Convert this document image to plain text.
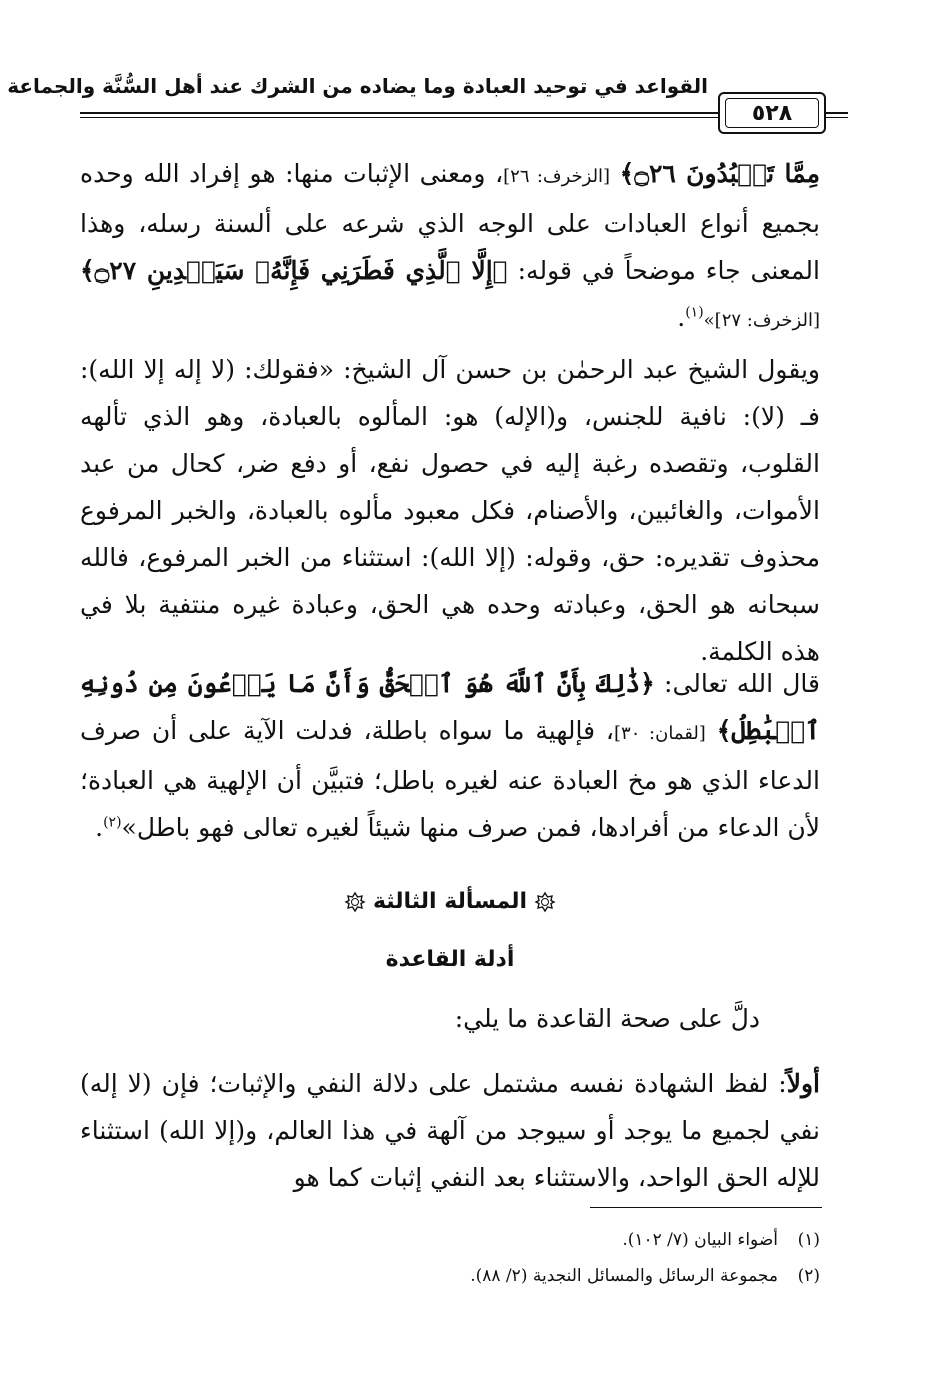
القواعد في توحيد العبادة وما يضاده من الشرك عند أهل السُّنَّة والجماعة
٥٢٨
مِمَّا تَعۡبُدُونَ ۝٢٦﴾ [الزخرف: ٢٦]، ومعنى الإثبات منها: هو إفراد الله وحده بجميع أنواع العبادات على الوجه الذي شرعه على ألسنة رسله، وهذا المعنى جاء موضحاً في قوله: ﴿إِلَّا ٱلَّذِي فَطَرَنِي فَإِنَّهُۥ سَيَهۡدِينِ ۝٢٧﴾ [الزخرف: ٢٧]»$^{(١)}$.
ويقول الشيخ عبد الرحمٰن بن حسن آل الشيخ: «فقولك: (لا إله إلا الله): فـ (لا): نافية للجنس، و(الإله) هو: المألوه بالعبادة، وهو الذي تألهه القلوب، وتقصده رغبة إليه في حصول نفع، أو دفع ضر، كحال من عبد الأموات، والغائبين، والأصنام، فكل معبود مألوه بالعبادة، والخبر المرفوع محذوف تقديره: حق، وقوله: (إلا الله): استثناء من الخبر المرفوع، فالله سبحانه هو الحق، وعبادته وحده هي الحق، وعبادة غيره منتفية بلا في هذه الكلمة.
قال الله تعالى: ﴿ذَٰلِكَ بِأَنَّ ٱللَّهَ هُوَ ٱلۡحَقُّ وَأَنَّ مَا يَدۡعُونَ مِن دُونِهِ ٱلۡبَٰطِلُ﴾ [لقمان: ٣٠]، فإلهية ما سواه باطلة، فدلت الآية على أن صرف الدعاء الذي هو مخ العبادة عنه لغيره باطل؛ فتبيَّن أن الإلهية هي العبادة؛ لأن الدعاء من أفرادها، فمن صرف منها شيئاً لغيره تعالى فهو باطل»$^{(٢)}$.
المسألة الثالثة
أدلة القاعدة
دلَّ على صحة القاعدة ما يلي:
أولاً: لفظ الشهادة نفسه مشتمل على دلالة النفي والإثبات؛ فإن (لا إله) نفي لجميع ما يوجد أو سيوجد من آلهة في هذا العالم، و(إلا الله) استثناء للإله الحق الواحد، والاستثناء بعد النفي إثبات كما هو
(١)أضواء البيان (٧/ ١٠٢).
(٢)مجموعة الرسائل والمسائل النجدية (٢/ ٨٨).
